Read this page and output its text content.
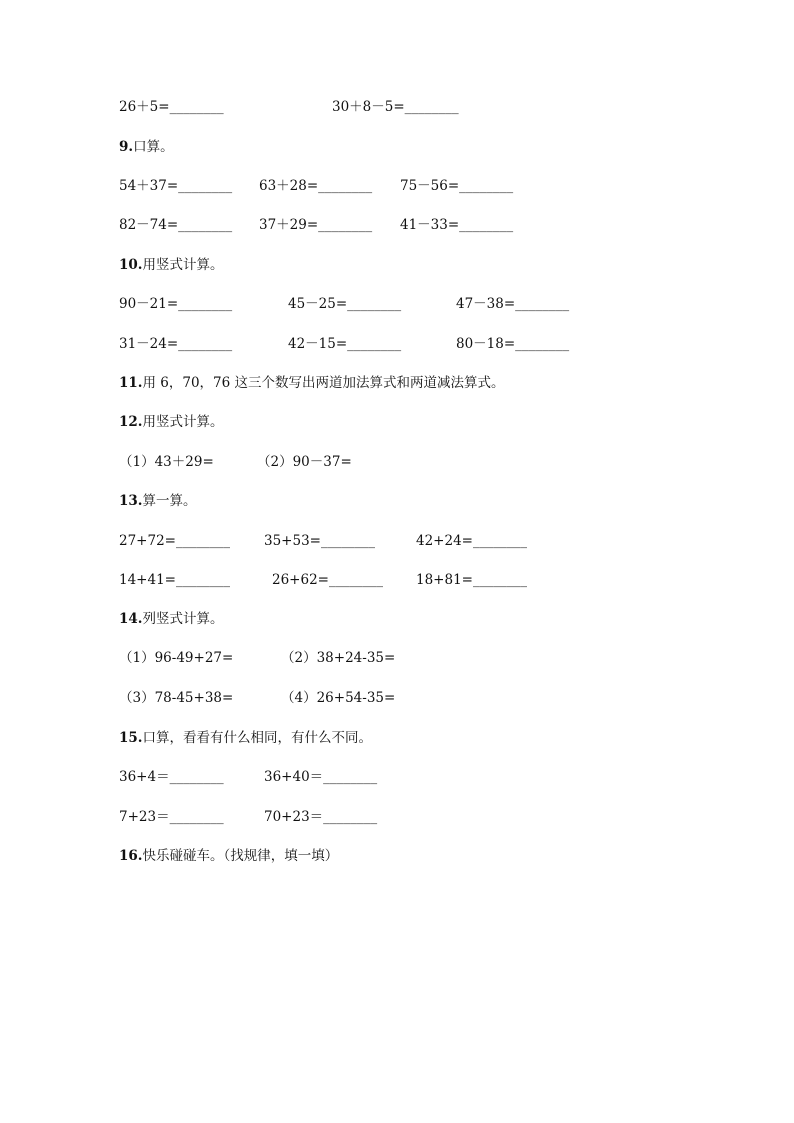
26＋5=________	30＋8－5=________
9.口算。
54＋37=________ 63＋28=________ 75－56=________
82－74=________ 37＋29=________ 41－33=________
10.用竖式计算。
90－21=________	45－25=________	47－38=________
31－24=________	42－15=________	80－18=________
11.用 6，70，76 这三个数写出两道加法算式和两道减法算式。
12.用竖式计算。
（1）43＋29=	（2）90－37=
13.算一算。
27+72=________	35+53=________	42+24=________
14+41=________	26+62=________ 18+81=________
14.列竖式计算。
（1）96-49+27=	（2）38+24-35=
（3）78-45+38=	（4）26+54-35=
15.口算，看看有什么相同，有什么不同。
36+4＝________	36+40＝________
7+23＝________	70+23＝________
16.快乐碰碰车。（找规律，填一填）
